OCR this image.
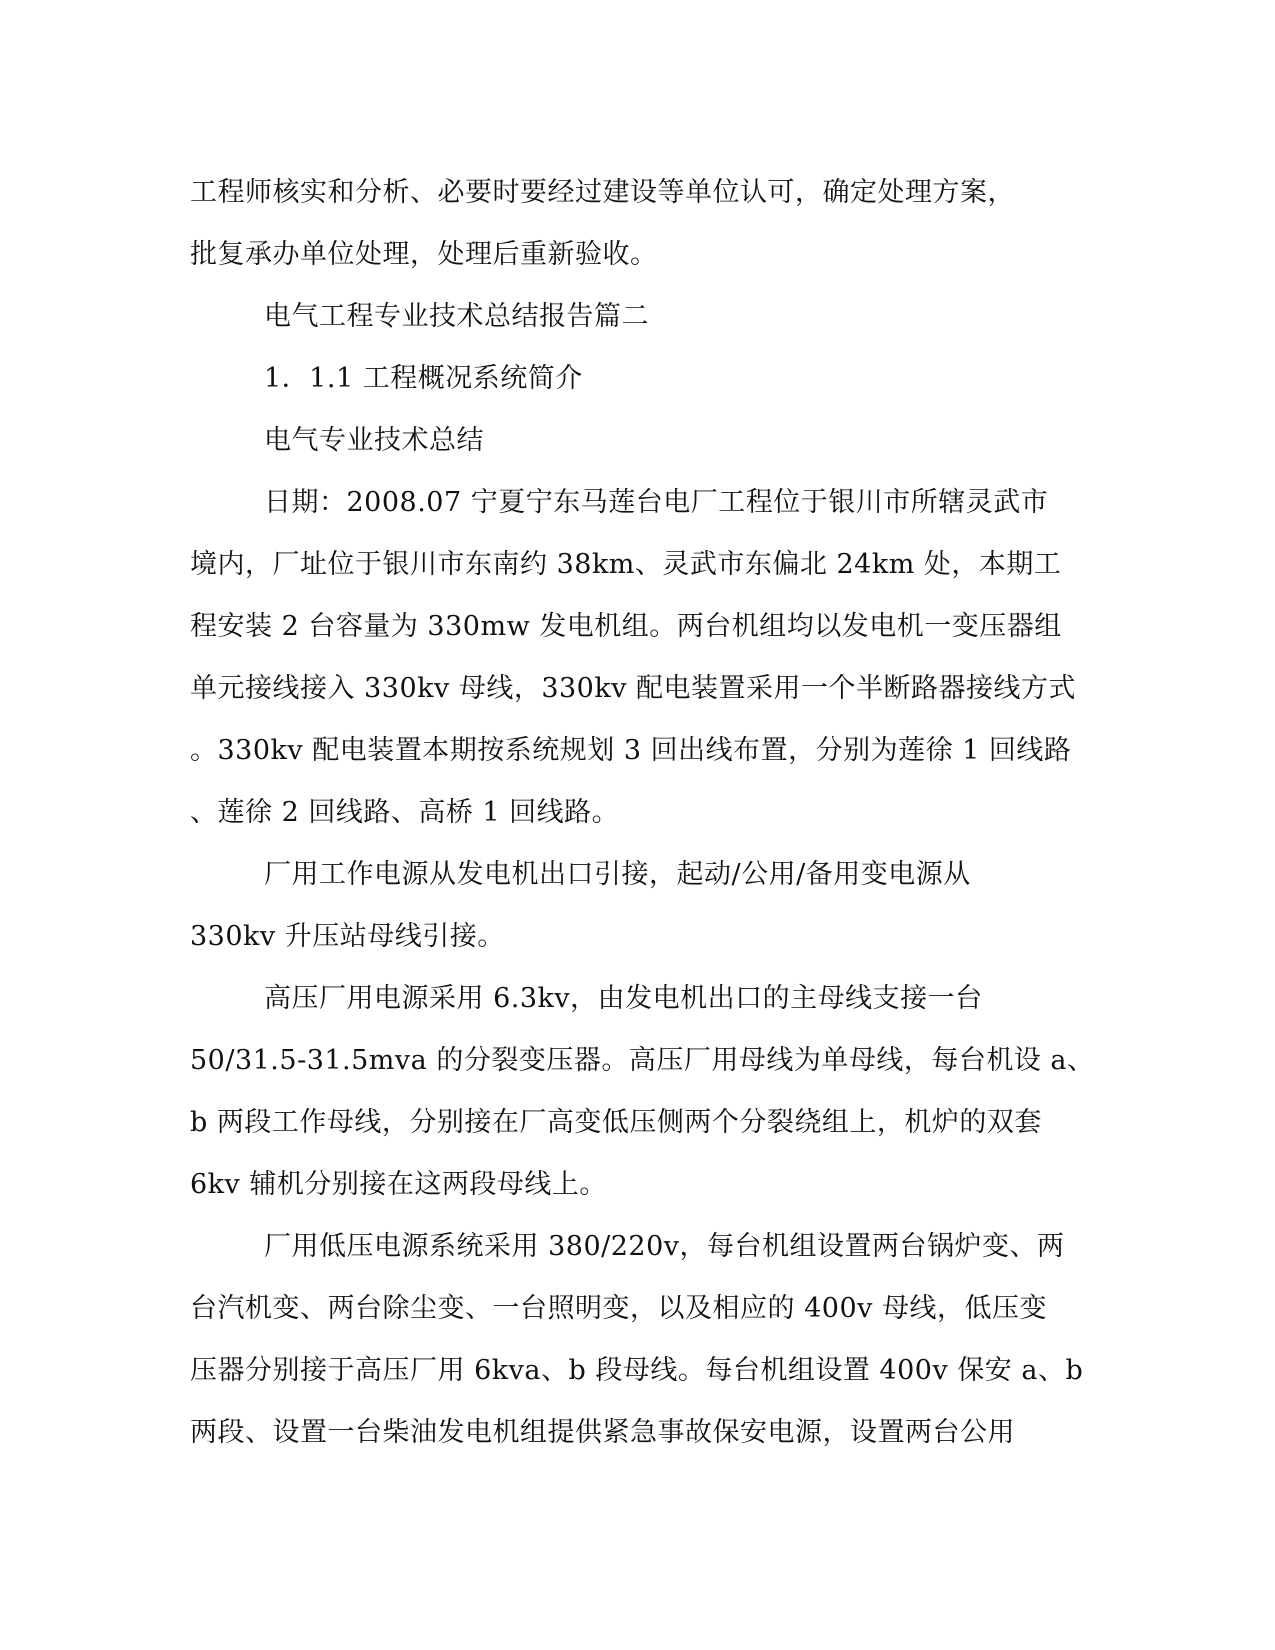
工程师核实和分析、必要时要经过建设等单位认可，确定处理方案，
批复承办单位处理，处理后重新验收。
电气工程专业技术总结报告篇二
1．1.1 工程概况系统简介
电气专业技术总结
日期：2008.07 宁夏宁东马莲台电厂工程位于银川市所辖灵武市
境内，厂址位于银川市东南约 38km、灵武市东偏北 24km 处，本期工
程安装 2 台容量为 330mw 发电机组。两台机组均以发电机一变压器组
单元接线接入 330kv 母线，330kv 配电装置采用一个半断路器接线方式
。330kv 配电装置本期按系统规划 3 回出线布置，分别为莲徐 1 回线路
、莲徐 2 回线路、高桥 1 回线路。
厂用工作电源从发电机出口引接，起动/公用/备用变电源从
330kv 升压站母线引接。
高压厂用电源采用 6.3kv，由发电机出口的主母线支接一台
50/31.5-31.5mva 的分裂变压器。高压厂用母线为单母线，每台机设 a、
b 两段工作母线，分别接在厂高变低压侧两个分裂绕组上，机炉的双套
6kv 辅机分别接在这两段母线上。
厂用低压电源系统采用 380/220v，每台机组设置两台锅炉变、两
台汽机变、两台除尘变、一台照明变，以及相应的 400v 母线，低压变
压器分别接于高压厂用 6kva、b 段母线。每台机组设置 400v 保安 a、b
两段、设置一台柴油发电机组提供紧急事故保安电源，设置两台公用
